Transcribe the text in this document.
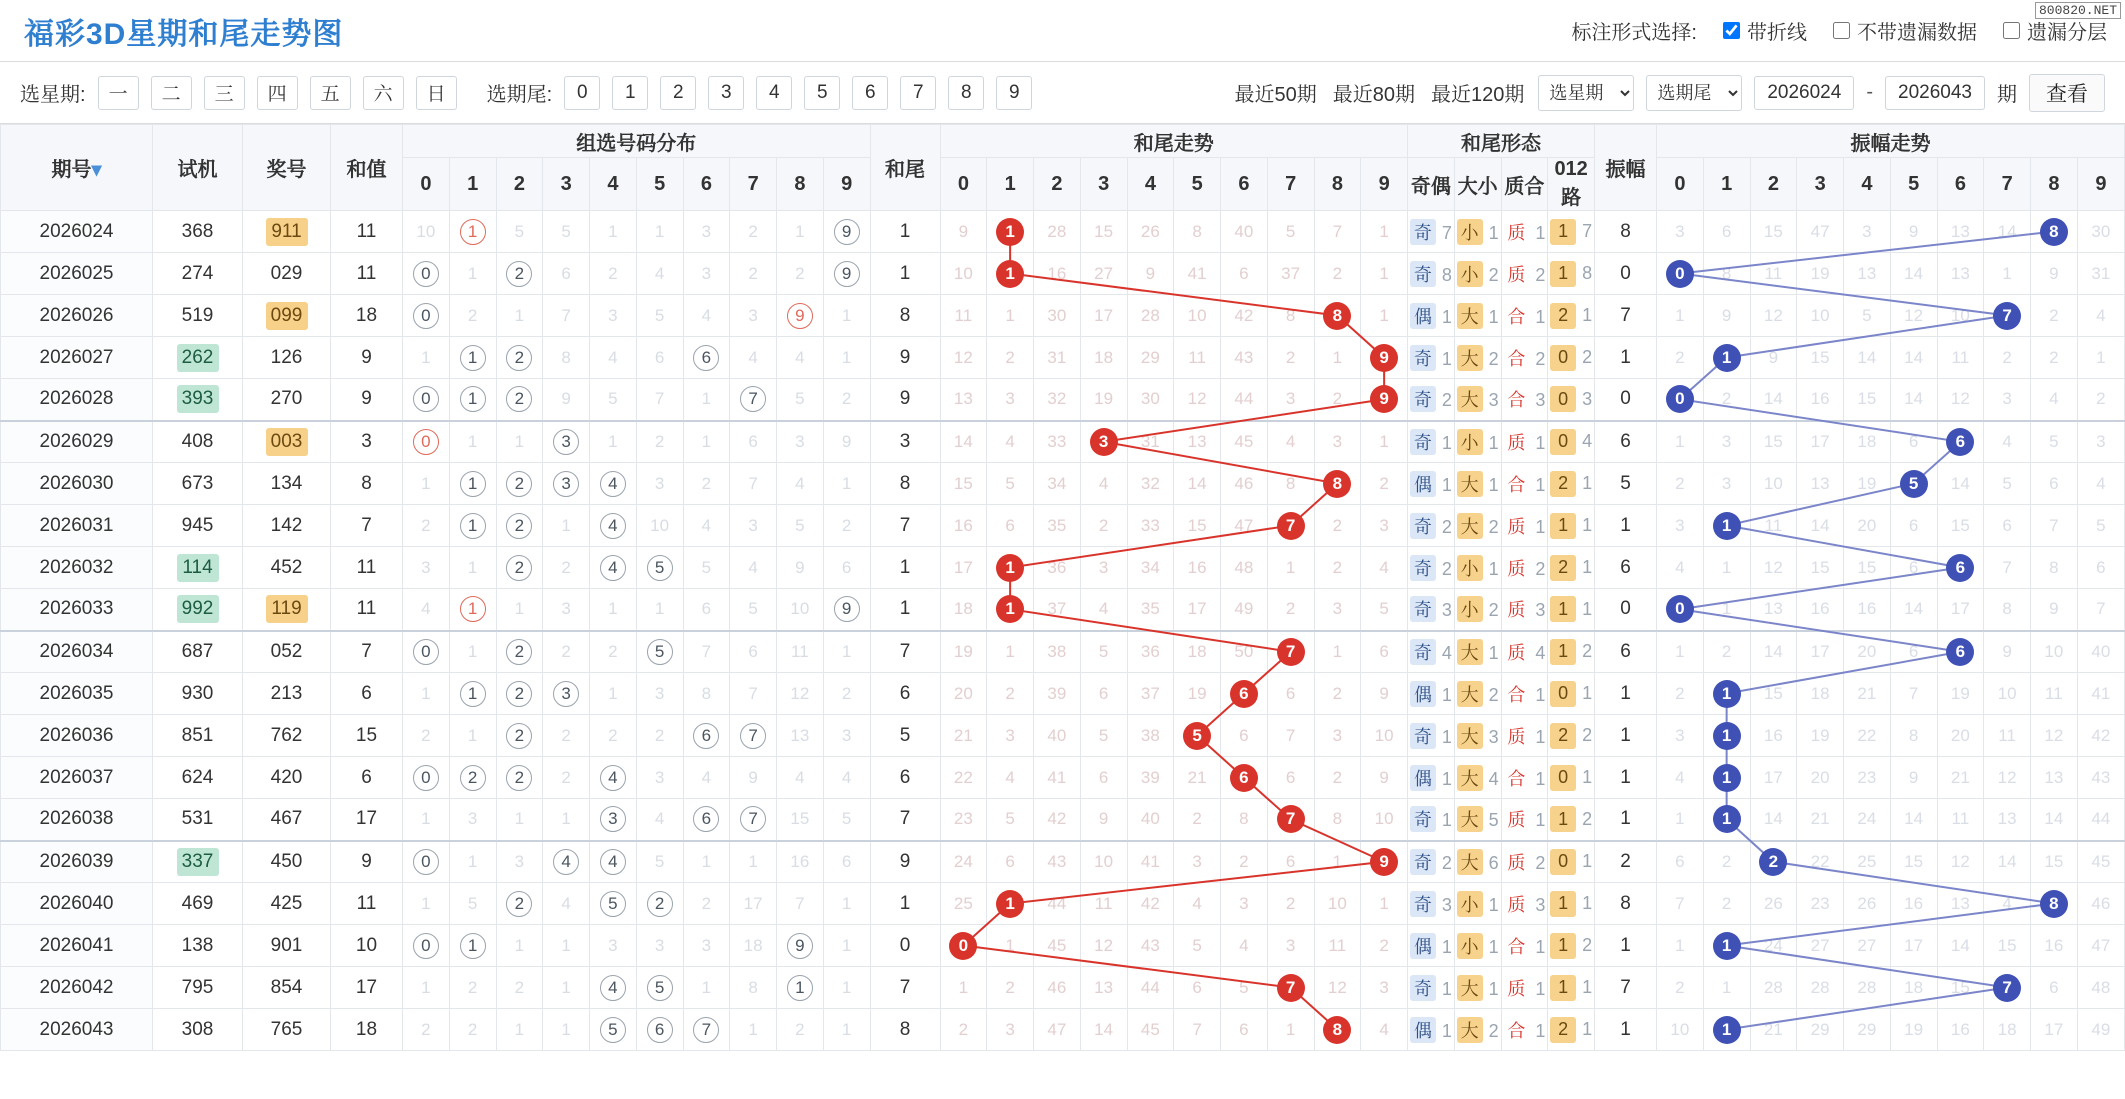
800820.NET
福彩3D星期和尾走势图	标注形式选择:	带折线	不带遗漏数据	遗漏分层
选星期:	一	二	三	四	五	六	日	选期尾:	0	1	2	3	4	5	6	7	8	9	最近50期 最近80期 最近120期
选星期
选期尾
2026024	-
2026043	期	查看
期号▾	试机	奖号	和值	组选号码分布										和尾	和尾走势										和尾形态				振幅	振幅走势									
				0	1	2	3	4	5	6	7	8	9		0	1	2	3	4	5	6	7	8	9	奇偶	大小	质合	012路		0	1	2	3	4	5	6	7	8	9
2026024	368	911	11	10	1	5	5	1	1	3	2	1	9	1	9	1	28	15	26	8	40	5	7	1	奇 7	小 1	质 1	1 7	8	3	6	15	47	3	9	13	14	8	30
2026025	274	029	11	0	1	2	6	2	4	3	2	2	9	1	10	1	16	27	9	41	6	37	2	1	奇 8	小 2	质 2	1 8	0	0	8	11	19	13	14	13	1	9	31
2026026	519	099	18	0	2	1	7	3	5	4	3	9	1	8	11	1	30	17	28	10	42	8	8	1	偶 1	大 1	合 1	2 1	7	1	9	12	10	5	12	10	7	2	4
2026027	262	126	9	1	1	2	8	4	6	6	4	4	1	9	12	2	31	18	29	11	43	2	1	9	奇 1	大 2	合 2	0 2	1	2	1	9	15	14	14	11	2	2	1
2026028	393	270	9	0	1	2	9	5	7	1	7	5	2	9	13	3	32	19	30	12	44	3	2	9	奇 2	大 3	合 3	0 3	0	0	2	14	16	15	14	12	3	4	2
2026029	408	003	3	0	1	1	3	1	2	1	6	3	9	3	14	4	33	3	31	13	45	4	3	1	奇 1	小 1	质 1	0 4	6	1	3	15	17	18	6	6	4	5	3
2026030	673	134	8	1	1	2	3	4	3	2	7	4	1	8	15	5	34	4	32	14	46	8	8	2	偶 1	大 1	合 1	2 1	5	2	3	10	13	19	5	14	5	6	4
2026031	945	142	7	2	1	2	1	4	10	4	3	5	2	7	16	6	35	2	33	15	47	7	2	3	奇 2	大 2	质 1	1 1	1	3	1	11	14	20	6	15	6	7	5
2026032	114	452	11	3	1	2	2	4	5	5	4	9	6	1	17	1	36	3	34	16	48	1	2	4	奇 2	小 1	质 2	2 1	6	4	1	12	15	15	6	6	7	8	6
2026033	992	119	11	4	1	1	3	1	1	6	5	10	9	1	18	1	37	4	35	17	49	2	3	5	奇 3	小 2	质 3	1 1	0	0	1	13	16	16	14	17	8	9	7
2026034	687	052	7	0	1	2	2	2	5	7	6	11	1	7	19	1	38	5	36	18	50	7	1	6	奇 4	大 1	质 4	1 2	6	1	2	14	17	20	6	6	9	10	40
2026035	930	213	6	1	1	2	3	1	3	8	7	12	2	6	20	2	39	6	37	19	6	6	2	9	偶 1	大 2	合 1	0 1	1	2	1	15	18	21	7	19	10	11	41
2026036	851	762	15	2	1	2	2	2	2	6	7	13	3	5	21	3	40	5	38	5	6	7	3	10	奇 1	大 3	质 1	2 2	1	3	1	16	19	22	8	20	11	12	42
2026037	624	420	6	0	2	2	2	4	3	4	9	4	4	6	22	4	41	6	39	21	6	6	2	9	偶 1	大 4	合 1	0 1	1	4	1	17	20	23	9	21	12	13	43
2026038	531	467	17	1	3	1	1	3	4	6	7	15	5	7	23	5	42	9	40	2	8	7	8	10	奇 1	大 5	质 1	1 2	1	1	1	14	21	24	14	11	13	14	44
2026039	337	450	9	0	1	3	4	4	5	1	1	16	6	9	24	6	43	10	41	3	2	6	1	9	奇 2	大 6	质 2	0 1	2	6	2	2	22	25	15	12	14	15	45
2026040	469	425	11	1	5	2	4	5	2	2	17	7	1	1	25	1	44	11	42	4	3	2	10	1	奇 3	小 1	质 3	1 1	8	7	2	26	23	26	16	13	4	8	46
2026041	138	901	10	0	1	1	1	3	3	3	18	9	1	0	0	1	45	12	43	5	4	3	11	2	偶 1	小 1	合 1	1 2	1	1	1	24	27	27	17	14	15	16	47
2026042	795	854	17	1	2	2	1	4	5	1	8	1	1	7	1	2	46	13	44	6	5	7	12	3	奇 1	大 1	质 1	1 1	7	2	1	28	28	28	18	15	7	6	48
2026043	308	765	18	2	2	1	1	5	6	7	1	2	1	8	2	3	47	14	45	7	6	1	8	4	偶 1	大 2	合 1	2 1	1	10	1	21	29	29	19	16	18	17	49
